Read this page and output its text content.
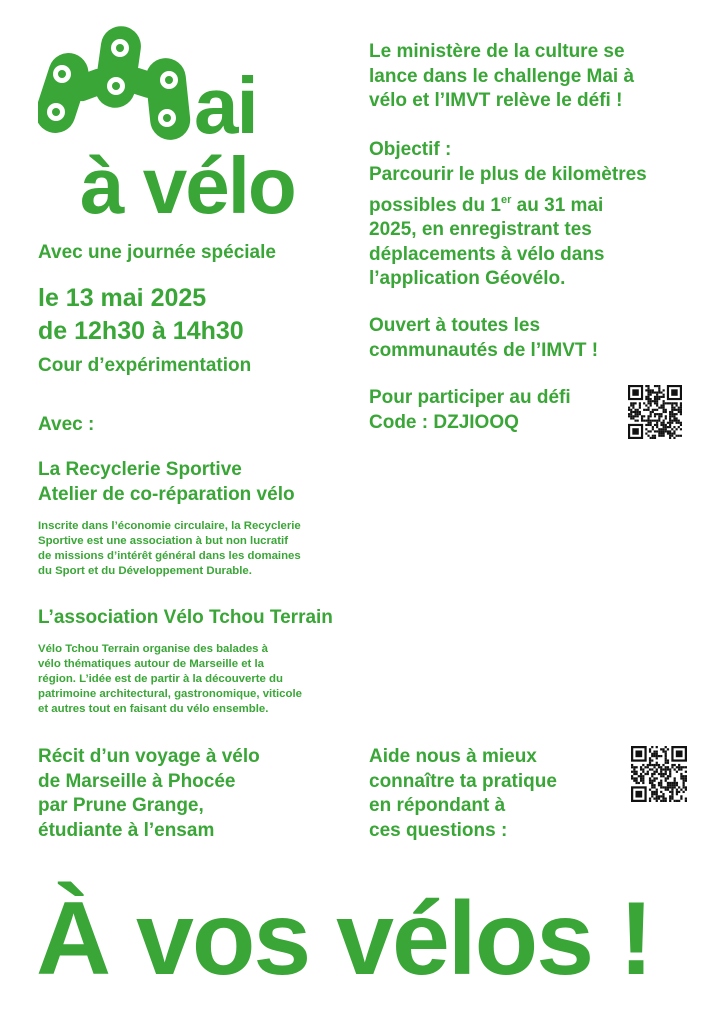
ai
à vélo
Avec une journée spéciale
le 13 mai 2025
de 12h30 à 14h30
Cour d’expérimentation
Avec :
La Recyclerie Sportive
Atelier de co-réparation vélo
Inscrite dans l’économie circulaire, la Recyclerie
Sportive est une association à but non lucratif
de missions d’intérêt général dans les domaines
du Sport et du Développement Durable.
L’association Vélo Tchou Terrain
Vélo Tchou Terrain organise des balades à
vélo thématiques autour de Marseille et la
région. L’idée est de partir à la découverte du
patrimoine architectural, gastronomique, viticole
et autres tout en faisant du vélo ensemble.
Récit d’un voyage à vélo
de Marseille à Phocée
par Prune Grange,
étudiante à l’ensam
Le ministère de la culture se
lance dans le challenge Mai à
vélo et l’IMVT relève le défi !
Objectif :
Parcourir le plus de kilomètres
possibles du 1er au 31 mai
2025, en enregistrant tes
déplacements à vélo dans
l’application Géovélo.
Ouvert à toutes les
communautés de l’IMVT !
Pour participer au défi
Code : DZJIOOQ
Aide nous à mieux
connaître ta pratique
en répondant à
ces questions :
À vos vélos !
